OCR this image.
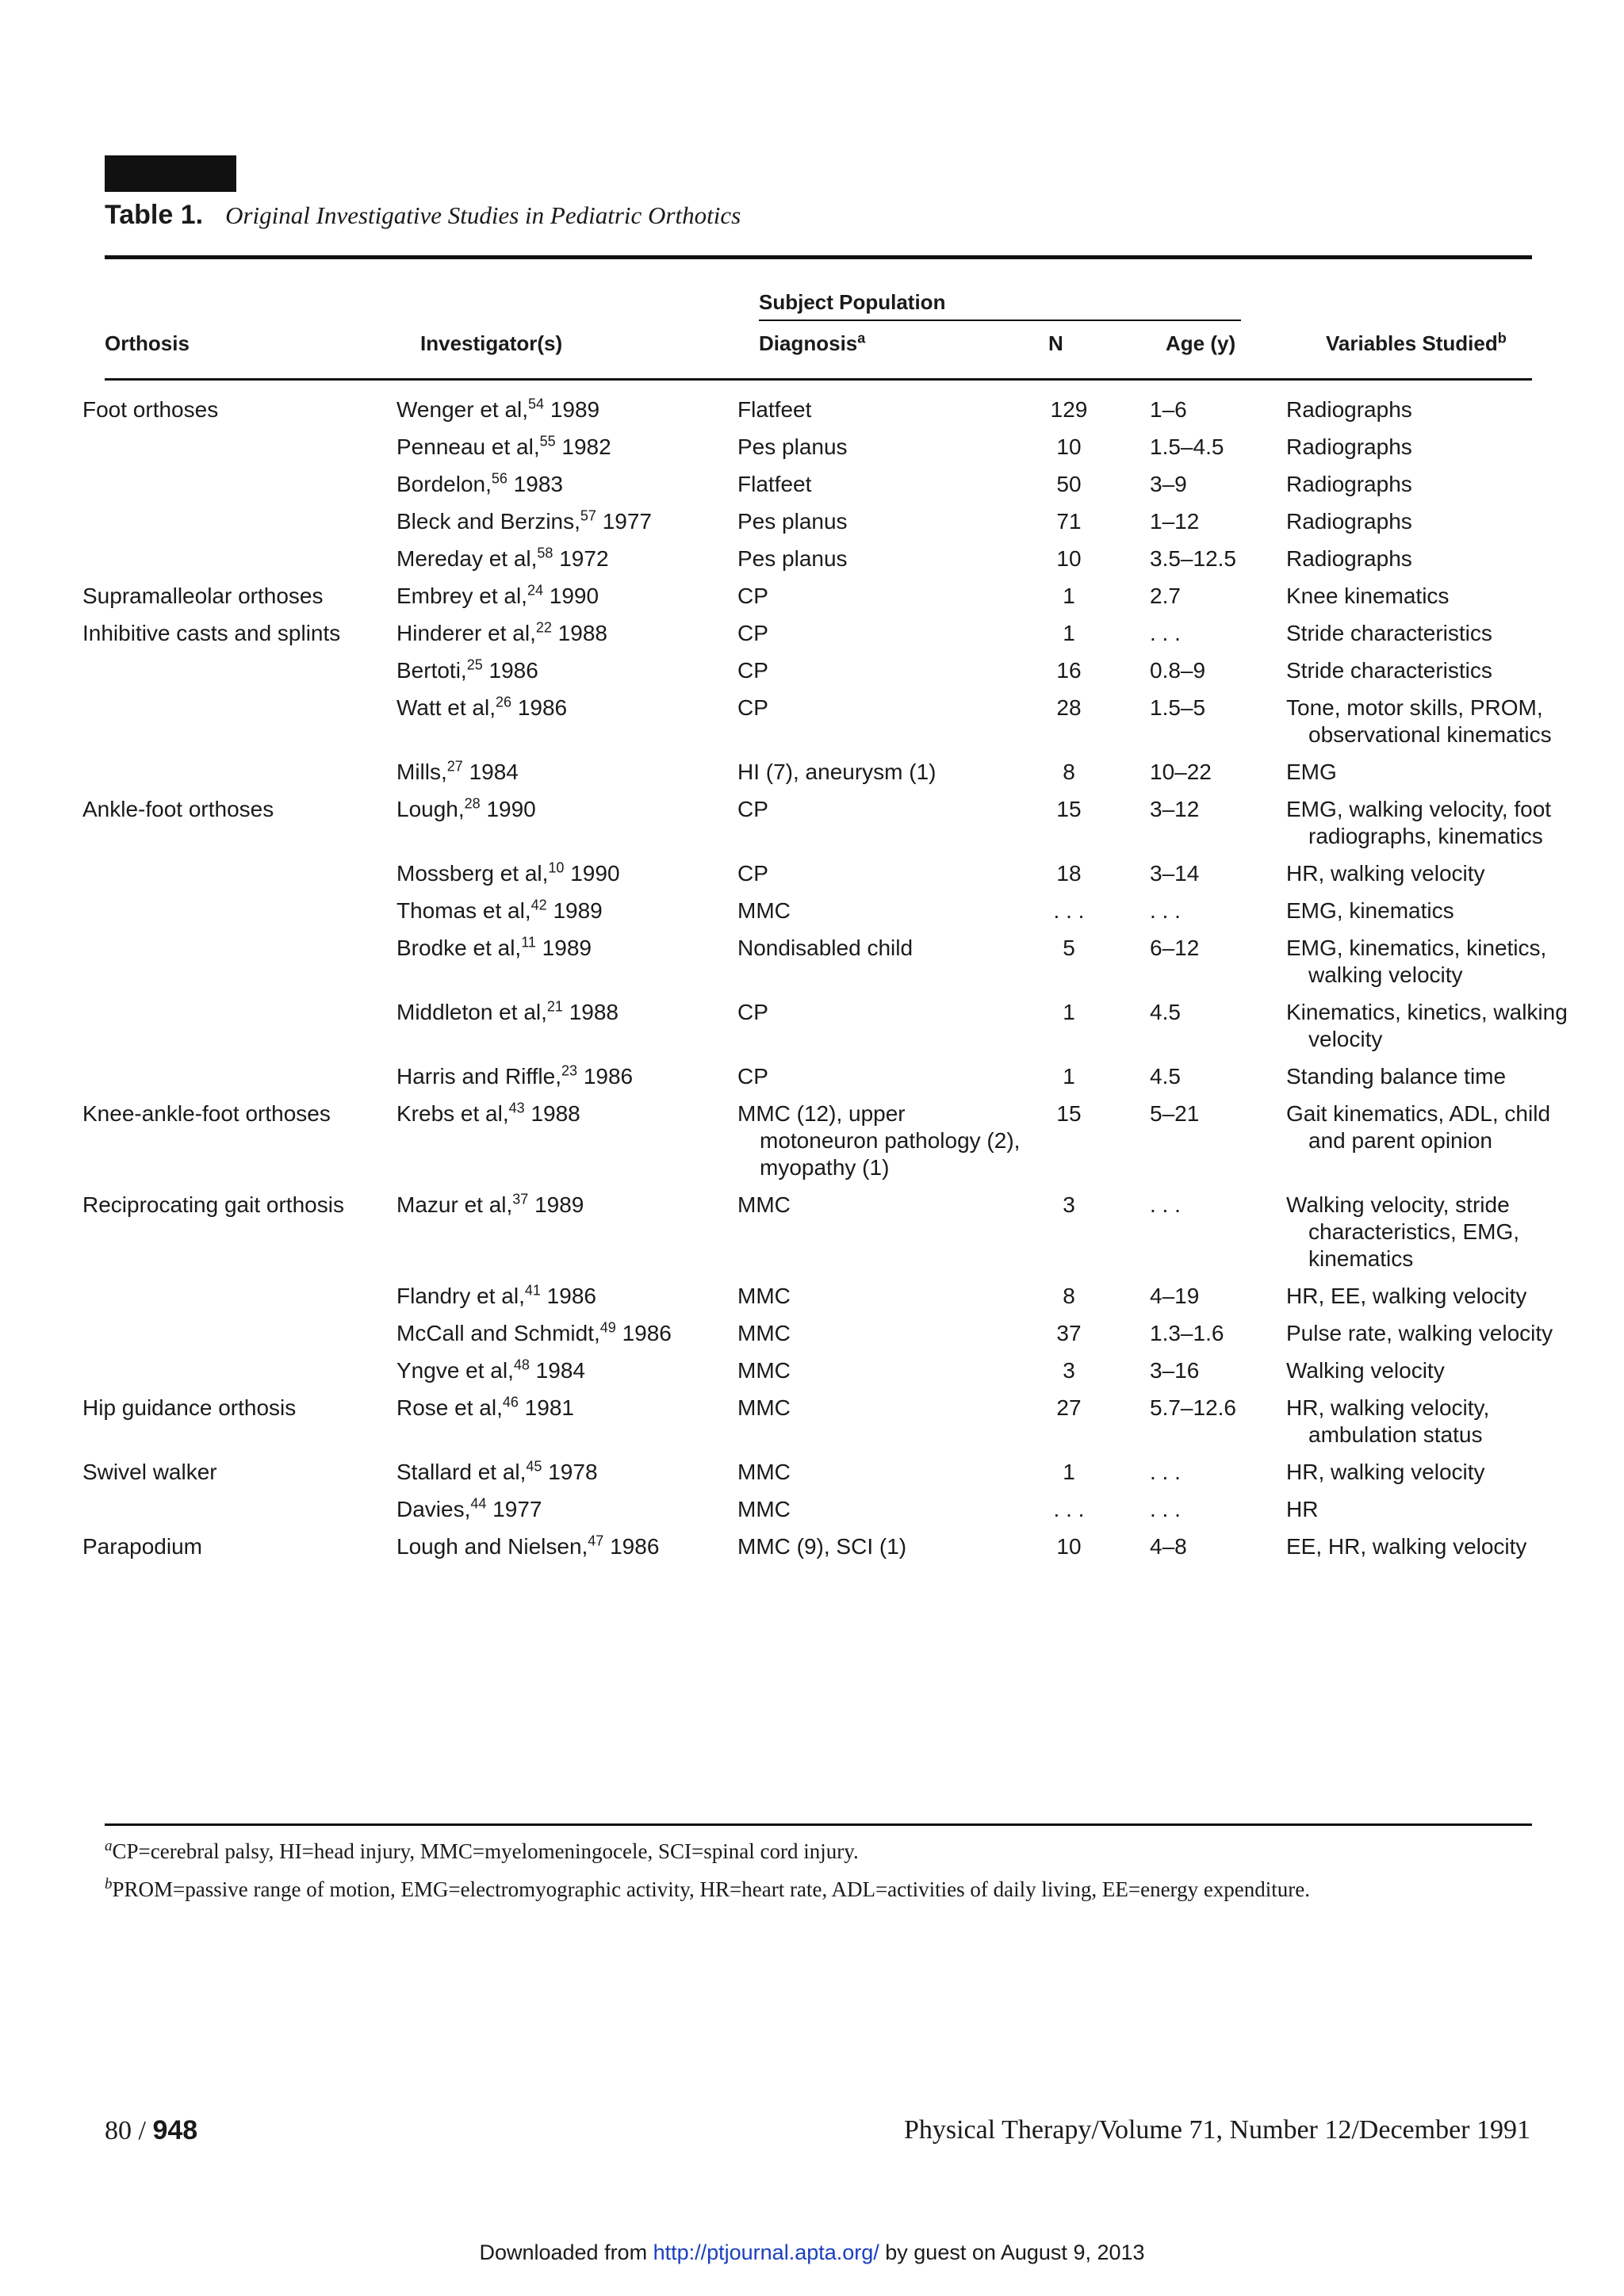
Table 1. Original Investigative Studies in Pediatric Orthotics
Subject Population
Orthosis	Investigator(s)	Diagnosis$^a$	N	Age (y)	Variables Studied$^b$
Foot orthoses	Wenger et al,$^{54}$ 1989	Flatfeet	129	1–6	Radiographs
	Penneau et al,$^{55}$ 1982	Pes planus	10	1.5–4.5	Radiographs
	Bordelon,$^{56}$ 1983	Flatfeet	50	3–9	Radiographs
	Bleck and Berzins,$^{57}$ 1977	Pes planus	71	1–12	Radiographs
	Mereday et al,$^{58}$ 1972	Pes planus	10	3.5–12.5	Radiographs
Supramalleolar orthoses	Embrey et al,$^{24}$ 1990	CP	1	2.7	Knee kinematics
Inhibitive casts and splints	Hinderer et al,$^{22}$ 1988	CP	1	. . .	Stride characteristics
	Bertoti,$^{25}$ 1986	CP	16	0.8–9	Stride characteristics
	Watt et al,$^{26}$ 1986	CP	28	1.5–5	Tone, motor skills, PROM, observational kinematics
	Mills,$^{27}$ 1984	HI (7), aneurysm (1)	8	10–22	EMG
Ankle-foot orthoses	Lough,$^{28}$ 1990	CP	15	3–12	EMG, walking velocity, foot radiographs, kinematics
	Mossberg et al,$^{10}$ 1990	CP	18	3–14	HR, walking velocity
	Thomas et al,$^{42}$ 1989	MMC	. . .	. . .	EMG, kinematics
	Brodke et al,$^{11}$ 1989	Nondisabled child	5	6–12	EMG, kinematics, kinetics, walking velocity
	Middleton et al,$^{21}$ 1988	CP	1	4.5	Kinematics, kinetics, walking velocity
	Harris and Riffle,$^{23}$ 1986	CP	1	4.5	Standing balance time
Knee-ankle-foot orthoses	Krebs et al,$^{43}$ 1988	MMC (12), upper motoneuron pathology (2), myopathy (1)	15	5–21	Gait kinematics, ADL, child and parent opinion
Reciprocating gait orthosis	Mazur et al,$^{37}$ 1989	MMC	3	. . .	Walking velocity, stride characteristics, EMG, kinematics
	Flandry et al,$^{41}$ 1986	MMC	8	4–19	HR, EE, walking velocity
	McCall and Schmidt,$^{49}$ 1986	MMC	37	1.3–1.6	Pulse rate, walking velocity
	Yngve et al,$^{48}$ 1984	MMC	3	3–16	Walking velocity
Hip guidance orthosis	Rose et al,$^{46}$ 1981	MMC	27	5.7–12.6	HR, walking velocity, ambulation status
Swivel walker	Stallard et al,$^{45}$ 1978	MMC	1	. . .	HR, walking velocity
	Davies,$^{44}$ 1977	MMC	. . .	. . .	HR
Parapodium	Lough and Nielsen,$^{47}$ 1986	MMC (9), SCI (1)	10	4–8	EE, HR, walking velocity
$^a$CP=cerebral palsy, HI=head injury, MMC=myelomeningocele, SCI=spinal cord injury.
$^b$PROM=passive range of motion, EMG=electromyographic activity, HR=heart rate, ADL=activities of daily living, EE=energy expenditure.
80 / 948	Physical Therapy/Volume 71, Number 12/December 1991
Downloaded from http://ptjournal.apta.org/ by guest on August 9, 2013
